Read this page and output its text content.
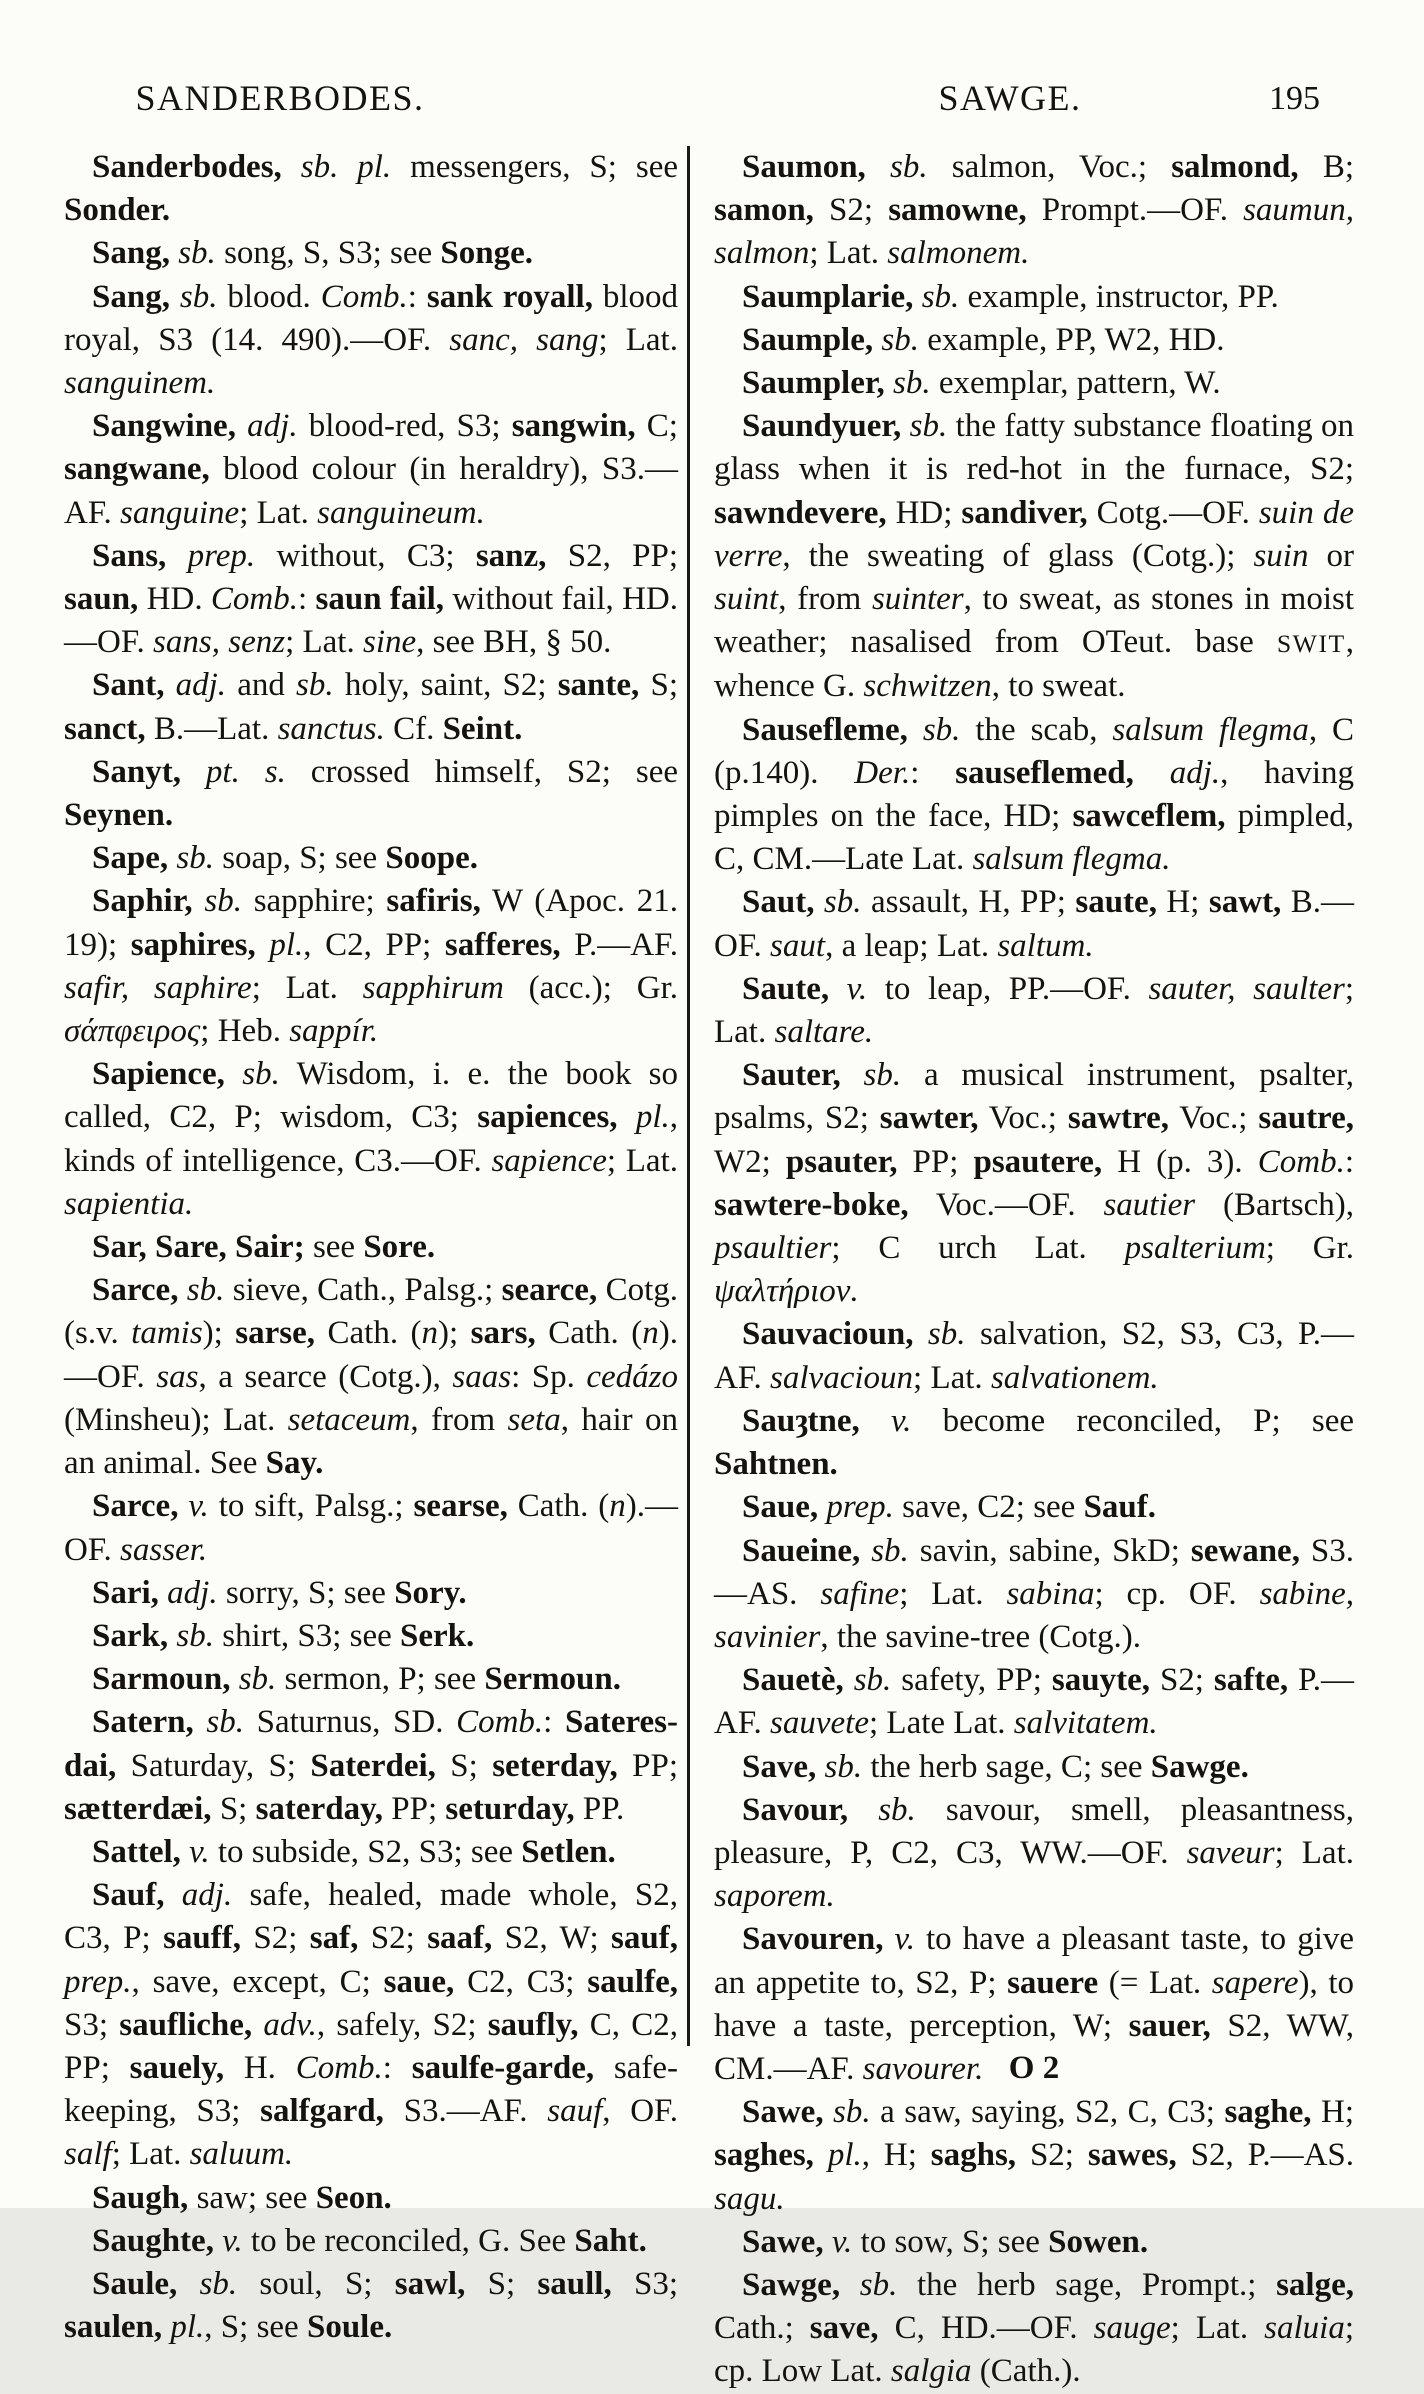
SANDERBODES.	SAWGE.	195

Sanderbodes, sb. pl. messengers, S; see Sonder.

Sang, sb. song, S, S3; see Songe.

Sang, sb. blood. Comb.: sank royall, blood royal, S3 (14. 490).—OF. sanc, sang; Lat. sanguinem.

Sangwine, adj. blood-red, S3; sangwin, C; sangwane, blood colour (in heraldry), S3.—AF. sanguine; Lat. sanguineum.

Sans, prep. without, C3; sanz, S2, PP; saun, HD. Comb.: saun fail, without fail, HD.—OF. sans, senz; Lat. sine, see BH, § 50.

Sant, adj. and sb. holy, saint, S2; sante, S; sanct, B.—Lat. sanctus. Cf. Seint.

Sanyt, pt. s. crossed himself, S2; see Seynen.

Sape, sb. soap, S; see Soope.

Saphir, sb. sapphire; safiris, W (Apoc. 21. 19); saphires, pl., C2, PP; safferes, P.—AF. safir, saphire; Lat. sapphirum (acc.); Gr. σάπφειρος; Heb. sappír.

Sapience, sb. Wisdom, i. e. the book so called, C2, P; wisdom, C3; sapiences, pl., kinds of intelligence, C3.—OF. sapience; Lat. sapientia.

Sar, Sare, Sair; see Sore.

Sarce, sb. sieve, Cath., Palsg.; searce, Cotg. (s.v. tamis); sarse, Cath. (n); sars, Cath. (n).—OF. sas, a searce (Cotg.), saas: Sp. cedázo (Minsheu); Lat. setaceum, from seta, hair on an animal. See Say.

Sarce, v. to sift, Palsg.; searse, Cath. (n).—OF. sasser.

Sari, adj. sorry, S; see Sory.

Sark, sb. shirt, S3; see Serk.

Sarmoun, sb. sermon, P; see Sermoun.

Satern, sb. Saturnus, SD. Comb.: Sateres-dai, Saturday, S; Saterdei, S; seterday, PP; sætterdæi, S; saterday, PP; seturday, PP.

Sattel, v. to subside, S2, S3; see Setlen.

Sauf, adj. safe, healed, made whole, S2, C3, P; sauff, S2; saf, S2; saaf, S2, W; sauf, prep., save, except, C; saue, C2, C3; saulfe, S3; saufliche, adv., safely, S2; saufly, C, C2, PP; sauely, H. Comb.: saulfe-garde, safe-keeping, S3; salfgard, S3.—AF. sauf, OF. salf; Lat. saluum.

Saugh, saw; see Seon.

Saughte, v. to be reconciled, G. See Saht.

Saule, sb. soul, S; sawl, S; saull, S3; saulen, pl., S; see Soule.

Saumon, sb. salmon, Voc.; salmond, B; samon, S2; samowne, Prompt.—OF. saumun, salmon; Lat. salmonem.

Saumplarie, sb. example, instructor, PP.

Saumple, sb. example, PP, W2, HD.

Saumpler, sb. exemplar, pattern, W.

Saundyuer, sb. the fatty substance floating on glass when it is red-hot in the furnace, S2; sawndevere, HD; sandiver, Cotg.—OF. suin de verre, the sweating of glass (Cotg.); suin or suint, from suinter, to sweat, as stones in moist weather; nasalised from OTeut. base SWIT, whence G. schwitzen, to sweat.

Sausefleme, sb. the scab, salsum flegma, C (p.140). Der.: sauseflemed, adj., having pimples on the face, HD; sawceflem, pimpled, C, CM.—Late Lat. salsum flegma.

Saut, sb. assault, H, PP; saute, H; sawt, B.—OF. saut, a leap; Lat. saltum.

Saute, v. to leap, PP.—OF. sauter, saulter; Lat. saltare.

Sauter, sb. a musical instrument, psalter, psalms, S2; sawter, Voc.; sawtre, Voc.; sautre, W2; psauter, PP; psautere, H (p. 3). Comb.: sawtere-boke, Voc.—OF. sautier (Bartsch), psaultier; C urch Lat. psalterium; Gr. ψαλτήριον.

Sauvacioun, sb. salvation, S2, S3, C3, P.—AF. salvacioun; Lat. salvationem.

Sauȝtne, v. become reconciled, P; see Sahtnen.

Saue, prep. save, C2; see Sauf.

Saueine, sb. savin, sabine, SkD; sewane, S3.—AS. safine; Lat. sabina; cp. OF. sabine, savinier, the savine-tree (Cotg.).

Sauetè, sb. safety, PP; sauyte, S2; safte, P.—AF. sauvete; Late Lat. salvitatem.

Save, sb. the herb sage, C; see Sawge.

Savour, sb. savour, smell, pleasantness, pleasure, P, C2, C3, WW.—OF. saveur; Lat. saporem.

Savouren, v. to have a pleasant taste, to give an appetite to, S2, P; sauere (= Lat. sapere), to have a taste, perception, W; sauer, S2, WW, CM.—AF. savourer.

Sawe, sb. a saw, saying, S2, C, C3; saghe, H; saghes, pl., H; saghs, S2; sawes, S2, P.—AS. sagu.

Sawe, v. to sow, S; see Sowen.

Sawge, sb. the herb sage, Prompt.; salge, Cath.; save, C, HD.—OF. sauge; Lat. saluia; cp. Low Lat. salgia (Cath.).

O 2
